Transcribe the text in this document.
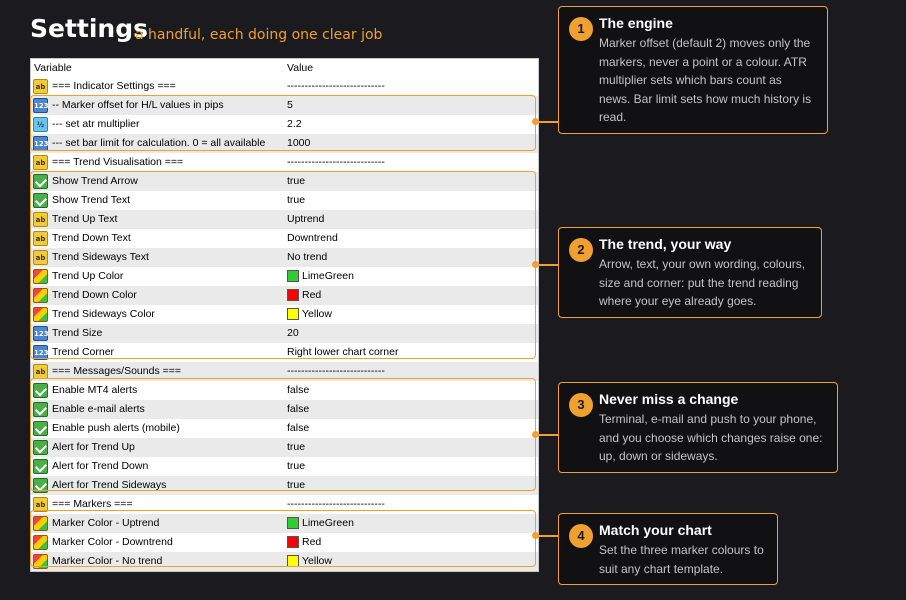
Settings
a handful, each doing one clear job
Variable	Value
ab === Indicator Settings ===	----------------------------
123 -- Marker offset for H/L values in pips	5
½ --- set atr multiplier	2.2
123 --- set bar limit for calculation. 0 = all available 1000
ab === Trend Visualisation ===	----------------------------
Show Trend Arrow	true
Show Trend Text	true
ab Trend Up Text	Uptrend
ab Trend Down Text	Downtrend
ab Trend Sideways Text	No trend
Trend Up Color	LimeGreen
Trend Down Color	Red
Trend Sideways Color	Yellow
123 Trend Size	20
123 Trend Corner	Right lower chart corner
ab === Messages/Sounds ===	----------------------------
Enable MT4 alerts	false
Enable e-mail alerts	false
Enable push alerts (mobile)	false
Alert for Trend Up	true
Alert for Trend Down	true
Alert for Trend Sideways	true
ab === Markers ===	----------------------------
Marker Color - Uptrend	LimeGreen
Marker Color - Downtrend	Red
Marker Color - No trend	Yellow
1	The engine
Marker offset (default 2) moves only the
markers, never a point or a colour. ATR
multiplier sets which bars count as
news. Bar limit sets how much history is
read.
2	The trend, your way
Arrow, text, your own wording, colours,
size and corner: put the trend reading
where your eye already goes.
3	Never miss a change
Terminal, e-mail and push to your phone,
and you choose which changes raise one:
up, down or sideways.
4	Match your chart
Set the three marker colours to
suit any chart template.
